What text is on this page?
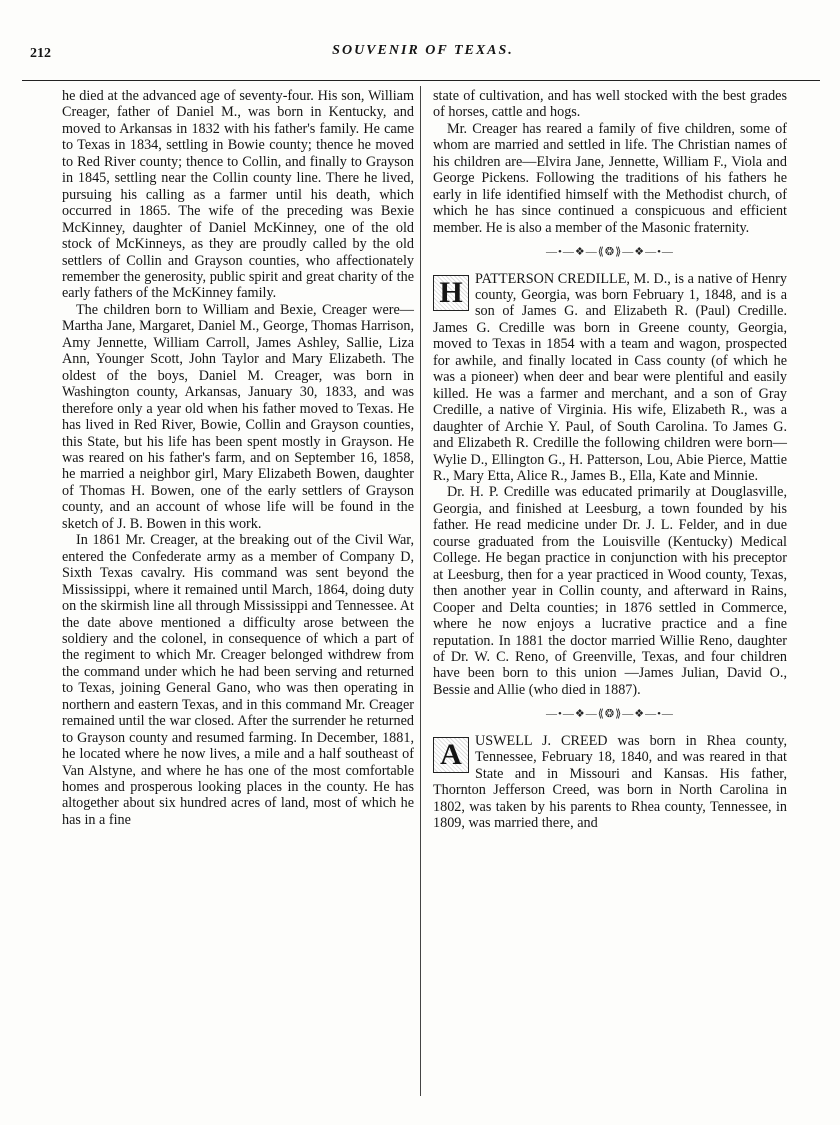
212	SOUVENIR OF TEXAS.

he died at the advanced age of seventy-four. His son, William Creager, father of Daniel M., was born in Kentucky, and moved to Arkansas in 1832 with his father's family. He came to Texas in 1834, settling in Bowie county; thence he moved to Red River county; thence to Collin, and finally to Grayson in 1845, settling near the Collin county line. There he lived, pursuing his calling as a farmer until his death, which occurred in 1865. The wife of the preceding was Bexie McKinney, daughter of Daniel McKinney, one of the old stock of McKinneys, as they are proudly called by the old settlers of Collin and Grayson counties, who affectionately remember the generosity, public spirit and great charity of the early fathers of the McKinney family.

The children born to William and Bexie, Creager were—Martha Jane, Margaret, Daniel M., George, Thomas Harrison, Amy Jennette, William Carroll, James Ashley, Sallie, Liza Ann, Younger Scott, John Taylor and Mary Elizabeth. The oldest of the boys, Daniel M. Creager, was born in Washington county, Arkansas, January 30, 1833, and was therefore only a year old when his father moved to Texas. He has lived in Red River, Bowie, Collin and Grayson counties, this State, but his life has been spent mostly in Grayson. He was reared on his father's farm, and on September 16, 1858, he married a neighbor girl, Mary Elizabeth Bowen, daughter of Thomas H. Bowen, one of the early settlers of Grayson county, and an account of whose life will be found in the sketch of J. B. Bowen in this work.

In 1861 Mr. Creager, at the breaking out of the Civil War, entered the Confederate army as a member of Company D, Sixth Texas cavalry. His command was sent beyond the Mississippi, where it remained until March, 1864, doing duty on the skirmish line all through Mississippi and Tennessee. At the date above mentioned a difficulty arose between the soldiery and the colonel, in consequence of which a part of the regiment to which Mr. Creager belonged withdrew from the command under which he had been serving and returned to Texas, joining General Gano, who was then operating in northern and eastern Texas, and in this command Mr. Creager remained until the war closed. After the surrender he returned to Grayson county and resumed farming. In December, 1881, he located where he now lives, a mile and a half southeast of Van Alstyne, and where he has one of the most comfortable homes and prosperous looking places in the county. He has altogether about six hundred acres of land, most of which he has in a fine

state of cultivation, and has well stocked with the best grades of horses, cattle and hogs.

Mr. Creager has reared a family of five children, some of whom are married and settled in life. The Christian names of his children are—Elvira Jane, Jennette, William F., Viola and George Pickens. Following the traditions of his fathers he early in life identified himself with the Methodist church, of which he has since continued a conspicuous and efficient member. He is also a member of the Masonic fraternity.

—•—❖—⟪❂⟫—❖—•—
H PATTERSON CREDILLE, M. D., is a native of Henry county, Georgia, was born February 1, 1848, and is a son of James G. and Elizabeth R. (Paul) Credille. James G. Credille was born in Greene county, Georgia, moved to Texas in 1854 with a team and wagon, prospected for awhile, and finally located in Cass county (of which he was a pioneer) when deer and bear were plentiful and easily killed. He was a farmer and merchant, and a son of Gray Credille, a native of Virginia. His wife, Elizabeth R., was a daughter of Archie Y. Paul, of South Carolina. To James G. and Elizabeth R. Credille the following children were born—Wylie D., Ellington G., H. Patterson, Lou, Abie Pierce, Mattie R., Mary Etta, Alice R., James B., Ella, Kate and Minnie.

Dr. H. P. Credille was educated primarily at Douglasville, Georgia, and finished at Leesburg, a town founded by his father. He read medicine under Dr. J. L. Felder, and in due course graduated from the Louisville (Kentucky) Medical College. He began practice in conjunction with his preceptor at Leesburg, then for a year practiced in Wood county, Texas, then another year in Collin county, and afterward in Rains, Cooper and Delta counties; in 1876 settled in Commerce, where he now enjoys a lucrative practice and a fine reputation. In 1881 the doctor married Willie Reno, daughter of Dr. W. C. Reno, of Greenville, Texas, and four children have been born to this union —James Julian, David O., Bessie and Allie (who died in 1887).

—•—❖—⟪❂⟫—❖—•—
A USWELL J. CREED was born in Rhea county, Tennessee, February 18, 1840, and was reared in that State and in Missouri and Kansas. His father, Thornton Jefferson Creed, was born in North Carolina in 1802, was taken by his parents to Rhea county, Tennessee, in 1809, was married there, and
